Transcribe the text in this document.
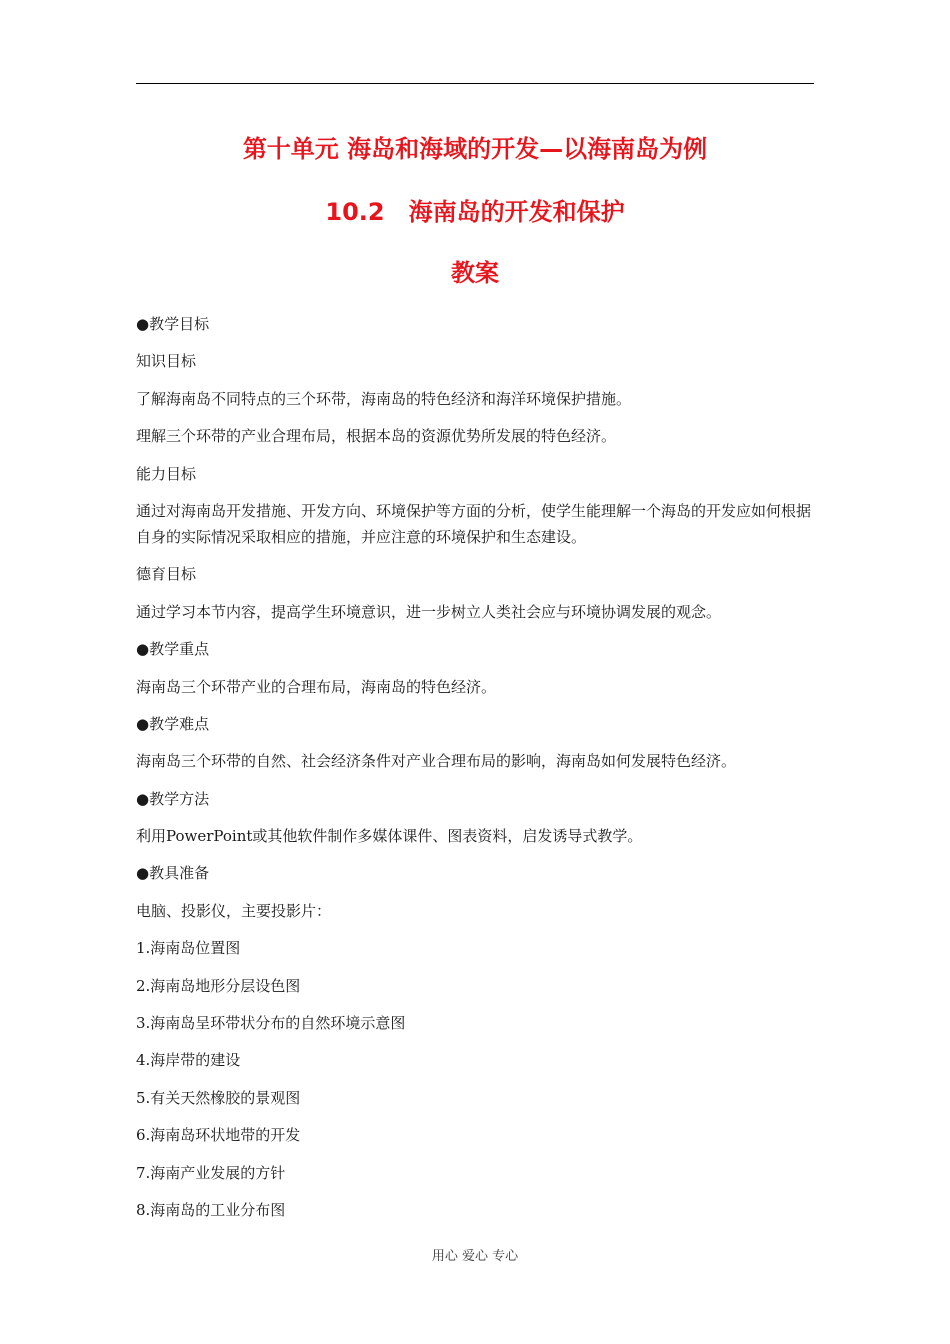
第十单元 海岛和海域的开发—以海南岛为例
10.2　海南岛的开发和保护
教案
●教学目标
知识目标
了解海南岛不同特点的三个环带，海南岛的特色经济和海洋环境保护措施。
理解三个环带的产业合理布局，根据本岛的资源优势所发展的特色经济。
能力目标
通过对海南岛开发措施、开发方向、环境保护等方面的分析，使学生能理解一个海岛的开发应如何根据自身的实际情况采取相应的措施，并应注意的环境保护和生态建设。
德育目标
通过学习本节内容，提高学生环境意识，进一步树立人类社会应与环境协调发展的观念。
●教学重点
海南岛三个环带产业的合理布局，海南岛的特色经济。
●教学难点
海南岛三个环带的自然、社会经济条件对产业合理布局的影响，海南岛如何发展特色经济。
●教学方法
利用PowerPoint或其他软件制作多媒体课件、图表资料，启发诱导式教学。
●教具准备
电脑、投影仪，主要投影片：
1.海南岛位置图
2.海南岛地形分层设色图
3.海南岛呈环带状分布的自然环境示意图
4.海岸带的建设
5.有关天然橡胶的景观图
6.海南岛环状地带的开发
7.海南产业发展的方针
8.海南岛的工业分布图
用心 爱心 专心
